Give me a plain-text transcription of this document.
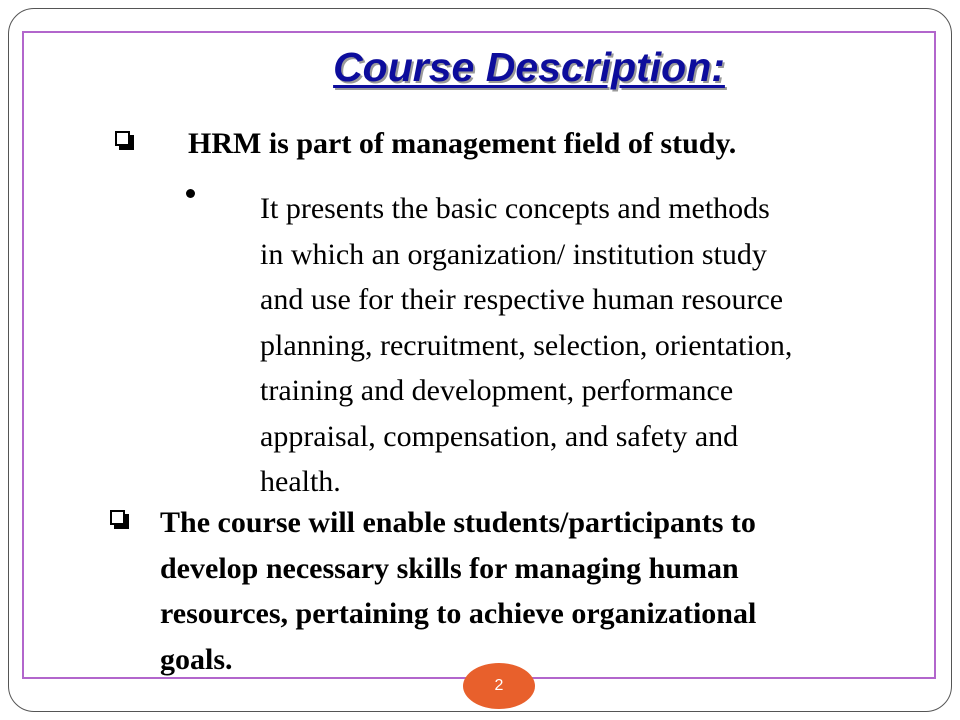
Course Description:

HRM is part of management field of study.

It presents the basic concepts and methods
in which an organization/ institution study
and use for their respective human resource
planning, recruitment, selection, orientation,
training and development, performance
appraisal, compensation, and safety and
health.

The course will enable students/participants to
develop necessary skills for managing human
resources, pertaining to achieve organizational
goals.

2
